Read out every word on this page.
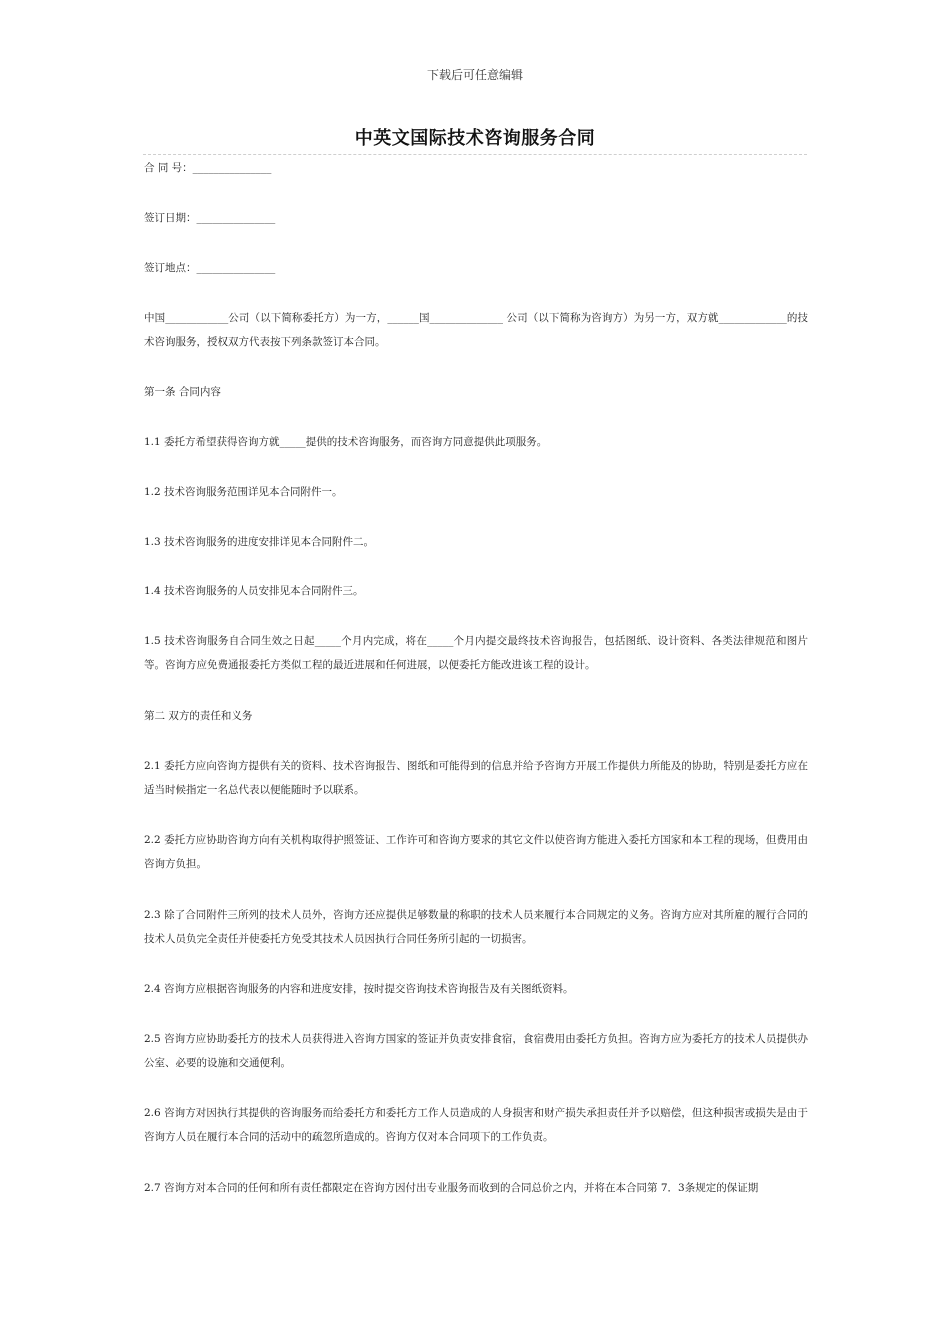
下载后可任意编辑
中英文国际技术咨询服务合同
合 同 号：_______________
签订日期：_______________
签订地点：_______________
中国____________公司（以下简称委托方）为一方，______国______________ 公司（以下简称为咨询方）为另一方，双方就_____________的技术咨询服务，授权双方代表按下列条款签订本合同。
第一条 合同内容
1.1 委托方希望获得咨询方就_____提供的技术咨询服务，而咨询方同意提供此项服务。
1.2 技术咨询服务范围详见本合同附件一。
1.3 技术咨询服务的进度安排详见本合同附件二。
1.4 技术咨询服务的人员安排见本合同附件三。
1.5 技术咨询服务自合同生效之日起_____个月内完成，将在_____个月内提交最终技术咨询报告，包括图纸、设计资料、各类法律规范和图片等。咨询方应免费通报委托方类似工程的最近进展和任何进展，以便委托方能改进该工程的设计。
第二 双方的责任和义务
2.1 委托方应向咨询方提供有关的资料、技术咨询报告、图纸和可能得到的信息并给予咨询方开展工作提供力所能及的协助，特别是委托方应在适当时候指定一名总代表以便能随时予以联系。
2.2 委托方应协助咨询方向有关机构取得护照签证、工作许可和咨询方要求的其它文件以使咨询方能进入委托方国家和本工程的现场，但费用由咨询方负担。
2.3 除了合同附件三所列的技术人员外，咨询方还应提供足够数量的称职的技术人员来履行本合同规定的义务。咨询方应对其所雇的履行合同的技术人员负完全责任并使委托方免受其技术人员因执行合同任务所引起的一切损害。
2.4 咨询方应根据咨询服务的内容和进度安排，按时提交咨询技术咨询报告及有关图纸资料。
2.5 咨询方应协助委托方的技术人员获得进入咨询方国家的签证并负责安排食宿，食宿费用由委托方负担。咨询方应为委托方的技术人员提供办公室、必要的设施和交通便利。
2.6 咨询方对因执行其提供的咨询服务而给委托方和委托方工作人员造成的人身损害和财产损失承担责任并予以赔偿，但这种损害或损失是由于咨询方人员在履行本合同的活动中的疏忽所造成的。咨询方仅对本合同项下的工作负责。
2.7 咨询方对本合同的任何和所有责任都限定在咨询方因付出专业服务而收到的合同总价之内，并将在本合同第 7．3条规定的保证期
